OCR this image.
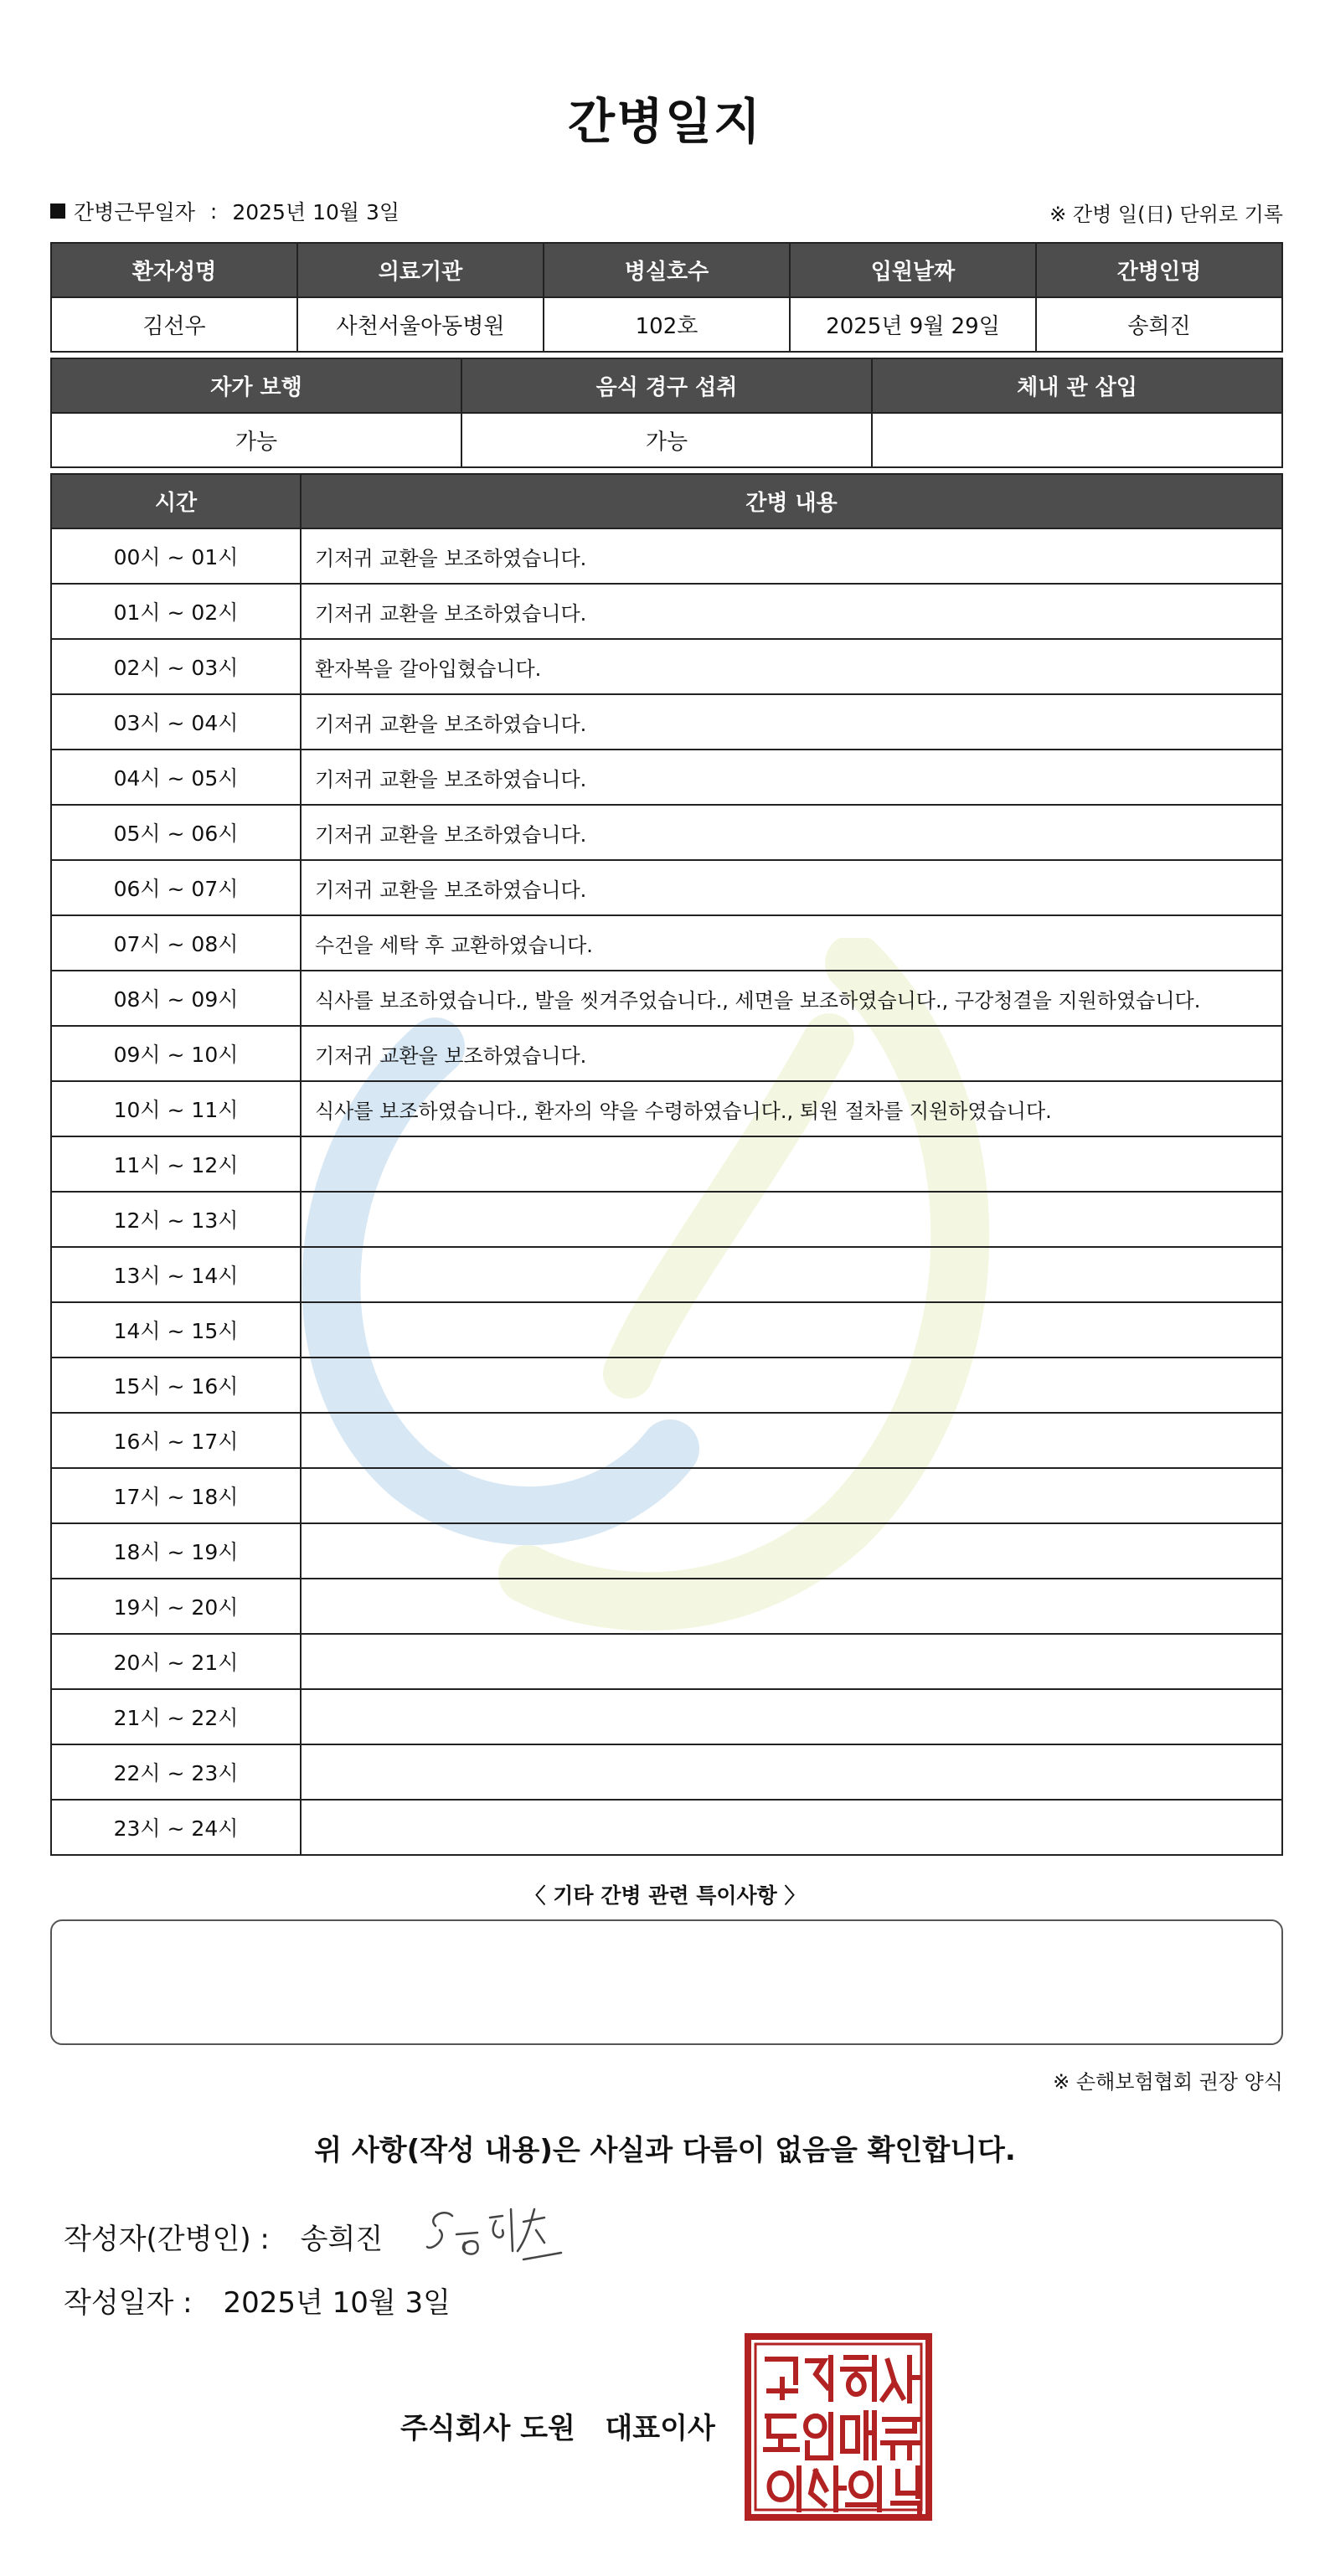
간병일지
간병근무일자 : 2025년 10월 3일	※ 간병 일(日) 단위로 기록
환자성명	의료기관	병실호수	입원날짜	간병인명
김선우	사천서울아동병원	102호	2025년 9월 29일	송희진
자가 보행	음식 경구 섭취	체내 관 삽입
가능	가능	
시간	간병 내용
00시 ~ 01시	기저귀 교환을 보조하였습니다.
01시 ~ 02시	기저귀 교환을 보조하였습니다.
02시 ~ 03시	환자복을 갈아입혔습니다.
03시 ~ 04시	기저귀 교환을 보조하였습니다.
04시 ~ 05시	기저귀 교환을 보조하였습니다.
05시 ~ 06시	기저귀 교환을 보조하였습니다.
06시 ~ 07시	기저귀 교환을 보조하였습니다.
07시 ~ 08시	수건을 세탁 후 교환하였습니다.
08시 ~ 09시	식사를 보조하였습니다., 발을 씻겨주었습니다., 세면을 보조하였습니다., 구강청결을 지원하였습니다.
09시 ~ 10시	기저귀 교환을 보조하였습니다.
10시 ~ 11시	식사를 보조하였습니다., 환자의 약을 수령하였습니다., 퇴원 절차를 지원하였습니다.
11시 ~ 12시	
12시 ~ 13시	
13시 ~ 14시	
14시 ~ 15시	
15시 ~ 16시	
16시 ~ 17시	
17시 ~ 18시	
18시 ~ 19시	
19시 ~ 20시	
20시 ~ 21시	
21시 ~ 22시	
22시 ~ 23시	
23시 ~ 24시	
〈 기타 간병 관련 특이사항 〉
※ 손해보험협회 권장 양식
위 사항(작성 내용)은 사실과 다름이 없음을 확인합니다.
작성자(간병인) : 송희진
작성일자 : 2025년 10월 3일
주식회사 도원   대표이사
